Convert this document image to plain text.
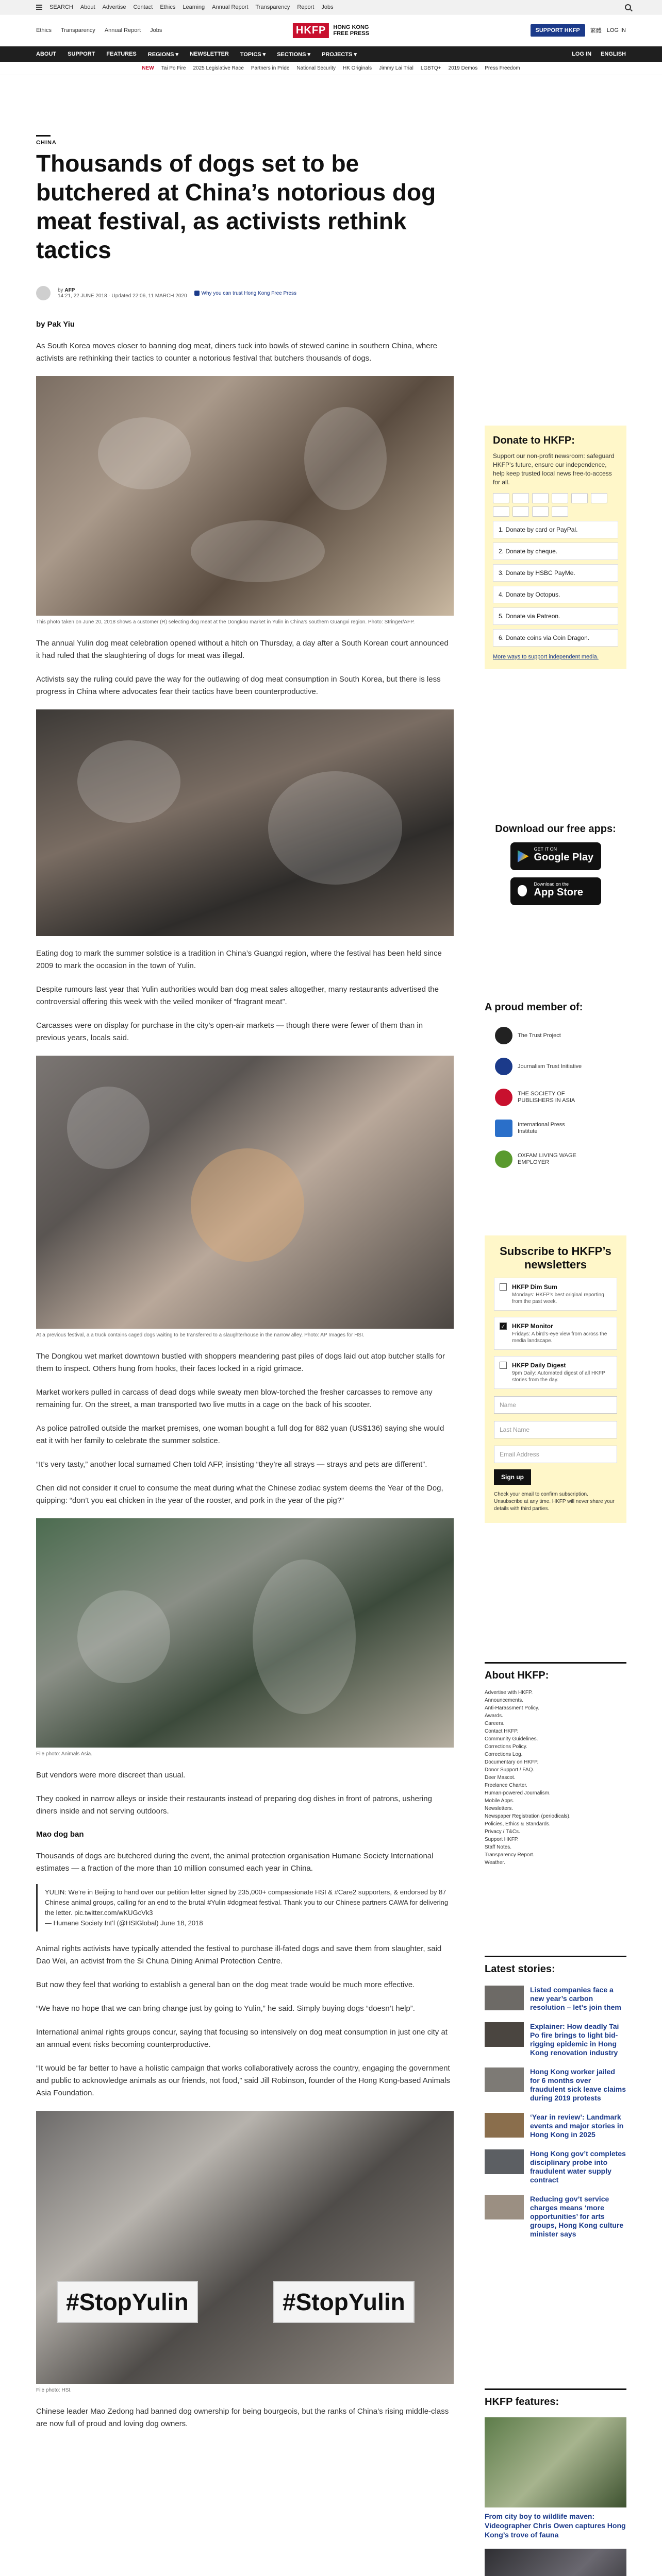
SEARCH About Advertise Contact Ethics Learning Annual Report Transparency Report Jobs
Ethics Transparency Annual Report Jobs	HKFP	HONG KONG
FREE PRESS	SUPPORT HKFP	繁體 LOG IN
ABOUT SUPPORT FEATURES REGIONS ▾ NEWSLETTER TOPICS ▾ SECTIONS ▾ PROJECTS ▾	LOG IN ENGLISH
NEW Tai Po Fire 2025 Legislative Race Partners in Pride National Security HK Originals Jimmy Lai Trial LGBTQ+ 2019 Demos Press Freedom
CHINA
Thousands of dogs set to be butchered at China’s notorious dog meat festival, as activists rethink tactics
by AFP
14:21, 22 JUNE 2018 · Updated 22:06, 11 MARCH 2020	Why you can trust Hong Kong Free Press
by Pak Yiu

As South Korea moves closer to banning dog meat, diners tuck into bowls of stewed canine in southern China, where activists are rethinking their tactics to counter a notorious festival that butchers thousands of dogs.

This photo taken on June 20, 2018 shows a customer (R) selecting dog meat at the Dongkou market in Yulin in China’s southern Guangxi region. Photo: Stringer/AFP.

The annual Yulin dog meat celebration opened without a hitch on Thursday, a day after a South Korean court announced it had ruled that the slaughtering of dogs for meat was illegal.

Activists say the ruling could pave the way for the outlawing of dog meat consumption in South Korea, but there is less progress in China where advocates fear their tactics have been counterproductive.

Eating dog to mark the summer solstice is a tradition in China’s Guangxi region, where the festival has been held since 2009 to mark the occasion in the town of Yulin.

Despite rumours last year that Yulin authorities would ban dog meat sales altogether, many restaurants advertised the controversial offering this week with the veiled moniker of “fragrant meat”.

Carcasses were on display for purchase in the city’s open-air markets — though there were fewer of them than in previous years, locals said.

At a previous festival, a a truck contains caged dogs waiting to be transferred to a slaughterhouse in the narrow alley. Photo: AP Images for HSI.

The Dongkou wet market downtown bustled with shoppers meandering past piles of dogs laid out atop butcher stalls for them to inspect. Others hung from hooks, their faces locked in a rigid grimace.

Market workers pulled in carcass of dead dogs while sweaty men blow-torched the fresher carcasses to remove any remaining fur. On the street, a man transported two live mutts in a cage on the back of his scooter.

As police patrolled outside the market premises, one woman bought a full dog for 882 yuan (US$136) saying she would eat it with her family to celebrate the summer solstice.

“It’s very tasty,” another local surnamed Chen told AFP, insisting “they’re all strays — strays and pets are different”.

Chen did not consider it cruel to consume the meat during what the Chinese zodiac system deems the Year of the Dog, quipping: “don’t you eat chicken in the year of the rooster, and pork in the year of the pig?”

File photo: Animals Asia.

But vendors were more discreet than usual.

They cooked in narrow alleys or inside their restaurants instead of preparing dog dishes in front of patrons, ushering diners inside and not serving outdoors.

Mao dog ban

Thousands of dogs are butchered during the event, the animal protection organisation Humane Society International estimates — a fraction of the more than 10 million consumed each year in China.

YULIN: We’re in Beijing to hand over our petition letter signed by 235,000+ compassionate HSI & #Care2 supporters, & endorsed by 87 Chinese animal groups, calling for an end to the brutal #Yulin #dogmeat festival. Thank you to our Chinese partners CAWA for delivering the letter. pic.twitter.com/wKUGcVk3
— Humane Society Int’l (@HSIGlobal) June 18, 2018

Animal rights activists have typically attended the festival to purchase ill-fated dogs and save them from slaughter, said Dao Wei, an activist from the Si Chuna Dining Animal Protection Centre.

But now they feel that working to establish a general ban on the dog meat trade would be much more effective.

“We have no hope that we can bring change just by going to Yulin,” he said. Simply buying dogs “doesn’t help”.

International animal rights groups concur, saying that focusing so intensively on dog meat consumption in just one city at an annual event risks becoming counterproductive.

“It would be far better to have a holistic campaign that works collaboratively across the country, engaging the government and public to acknowledge animals as our friends, not food,” said Jill Robinson, founder of the Hong Kong-based Animals Asia Foundation.

#StopYulin	#StopYulin

File photo: HSI.

Chinese leader Mao Zedong had banned dog ownership for being bourgeois, but the ranks of China’s rising middle-class are now full of proud and loving dog owners.

Donate to HKFP:

Support our non-profit newsroom: safeguard HKFP’s future, ensure our independence, help keep trusted local news free-to-access for all.

1. Donate by card or PayPal.
2. Donate by cheque.
3. Donate by HSBC PayMe.
4. Donate by Octopus.
5. Donate via Patreon.
6. Donate coins via Coin Dragon.
More ways to support independent media.
Download our free apps:
GET IT ON
Google Play
Download on the
App Store
A proud member of:
The Trust Project
Journalism Trust Initiative
THE SOCIETY OF PUBLISHERS IN ASIA
International Press Institute
OXFAM LIVING WAGE EMPLOYER
Subscribe to HKFP’s newsletters
HKFP Dim Sum
Mondays: HKFP’s best original reporting from the past week.
✓ HKFP Monitor
Fridays: A bird’s-eye view from across the media landscape.
HKFP Daily Digest
9pm Daily: Automated digest of all HKFP stories from the day.
Name
Last Name
Email Address
Sign up

Check your email to confirm subscription. Unsubscribe at any time. HKFP will never share your details with third parties.

About HKFP:
Advertise with HKFP.
Announcements.
Anti-Harassment Policy.
Awards.
Careers.
Contact HKFP.
Community Guidelines.
Corrections Policy.
Corrections Log.
Documentary on HKFP.
Donor Support / FAQ.
Deer Mascot.
Freelance Charter.
Human-powered Journalism.
Mobile Apps.
Newsletters.
Newspaper Registration (periodicals).
Policies, Ethics & Standards.
Privacy / T&Cs.
Support HKFP.
Staff Notes.
Transparency Report.
Weather.
Latest stories:
Listed companies face a new year’s carbon resolution – let’s join them
Explainer: How deadly Tai Po fire brings to light bid-rigging epidemic in Hong Kong renovation industry
Hong Kong worker jailed for 6 months over fraudulent sick leave claims during 2019 protests
‘Year in review’: Landmark events and major stories in Hong Kong in 2025
Hong Kong gov’t completes disciplinary probe into fraudulent water supply contract
Reducing gov’t service charges means ‘more opportunities’ for arts groups, Hong Kong culture minister says
HKFP features:
From city boy to wildlife maven: Videographer Chris Owen captures Hong Kong’s trove of fauna
